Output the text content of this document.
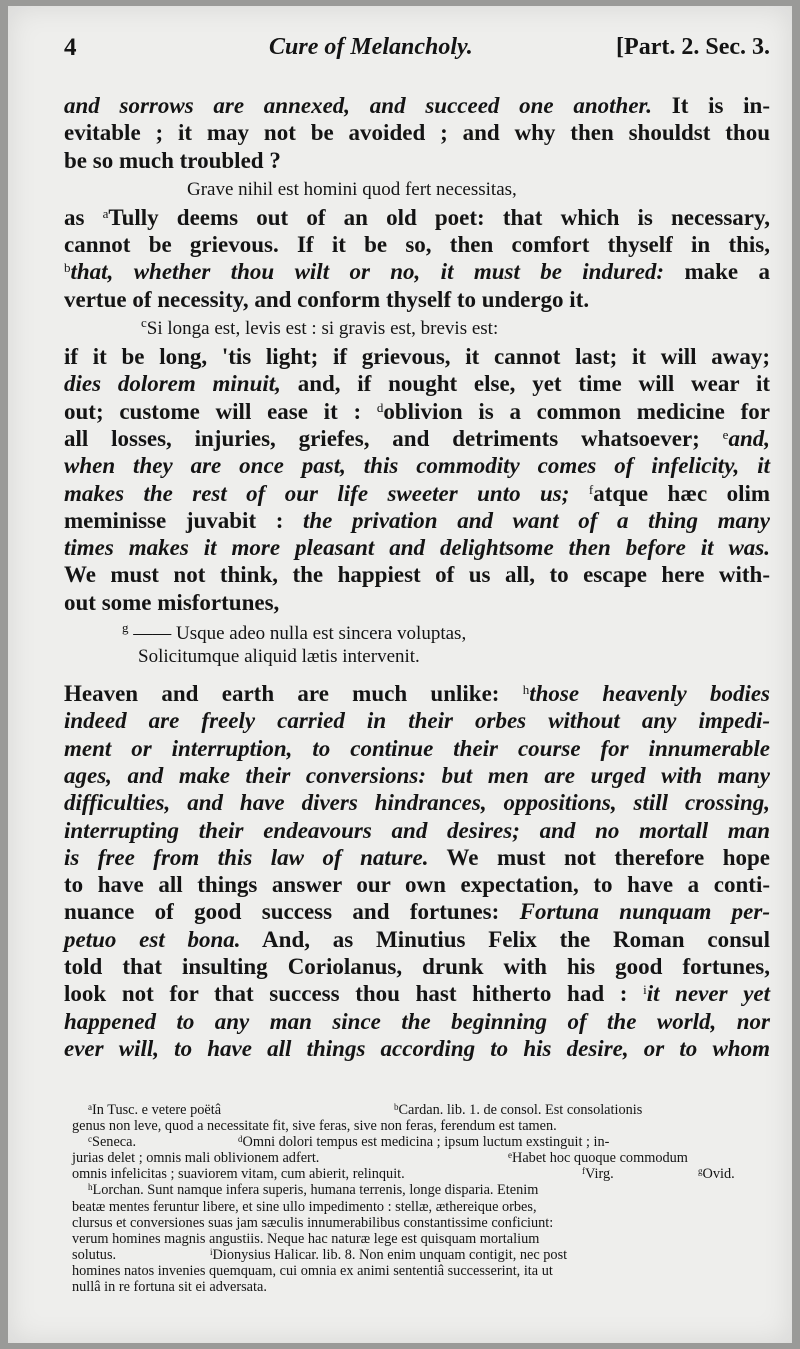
4	Cure of Melancholy.	[Part. 2. Sec. 3.
and sorrows are annexed, and succeed one another. It is in-
evitable ; it may not be avoided ; and why then shouldst thou
be so much troubled ?
Grave nihil est homini quod fert necessitas,
as $^a$Tully deems out of an old poet: that which is necessary,
cannot be grievous. If it be so, then comfort thyself in this,
$^b$that, whether thou wilt or no, it must be indured: make a
vertue of necessity, and conform thyself to undergo it.
$^c$Si longa est, levis est : si gravis est, brevis est:
if it be long, 'tis light; if grievous, it cannot last; it will away;
dies dolorem minuit, and, if nought else, yet time will wear it
out; custome will ease it : $^d$oblivion is a common medicine for
all losses, injuries, griefes, and detriments whatsoever; $^e$and,
when they are once past, this commodity comes of infelicity, it
makes the rest of our life sweeter unto us; $^f$atque hæc olim
meminisse juvabit : the privation and want of a thing many
times makes it more pleasant and delightsome then before it was.
We must not think, the happiest of us all, to escape here with-
out some misfortunes,
$^g$ —— Usque adeo nulla est sincera voluptas,
Solicitumque aliquid lætis intervenit.
Heaven and earth are much unlike: $^h$those heavenly bodies
indeed are freely carried in their orbes without any impedi-
ment or interruption, to continue their course for innumerable
ages, and make their conversions: but men are urged with many
difficulties, and have divers hindrances, oppositions, still crossing,
interrupting their endeavours and desires; and no mortall man
is free from this law of nature. We must not therefore hope
to have all things answer our own expectation, to have a conti-
nuance of good success and fortunes: Fortuna nunquam per-
petuo est bona. And, as Minutius Felix the Roman consul
told that insulting Coriolanus, drunk with his good fortunes,
look not for that success thou hast hitherto had : $^i$it never yet
happened to any man since the beginning of the world, nor
ever will, to have all things according to his desire, or to whom
$^a$In Tusc. e vetere poëtâ	$^b$Cardan. lib. 1. de consol. Est consolationis
genus non leve, quod a necessitate fit, sive feras, sive non feras, ferendum est tamen.
$^c$Seneca.	$^d$Omni dolori tempus est medicina ; ipsum luctum exstinguit ; in-
jurias delet ; omnis mali oblivionem adfert.	$^e$Habet hoc quoque commodum
omnis infelicitas ; suaviorem vitam, cum abierit, relinquit.	$^f$Virg.	$^g$Ovid.
$^h$Lorchan. Sunt namque infera superis, humana terrenis, longe disparia. Etenim
beatæ mentes feruntur libere, et sine ullo impedimento : stellæ, æthereique orbes,
clursus et conversiones suas jam sæculis innumerabilibus constantissime conficiunt:
verum homines magnis angustiis. Neque hac naturæ lege est quisquam mortalium
solutus.	$^i$Dionysius Halicar. lib. 8. Non enim unquam contigit, nec post
homines natos invenies quemquam, cui omnia ex animi sententiâ successerint, ita ut
nullâ in re fortuna sit ei adversata.
